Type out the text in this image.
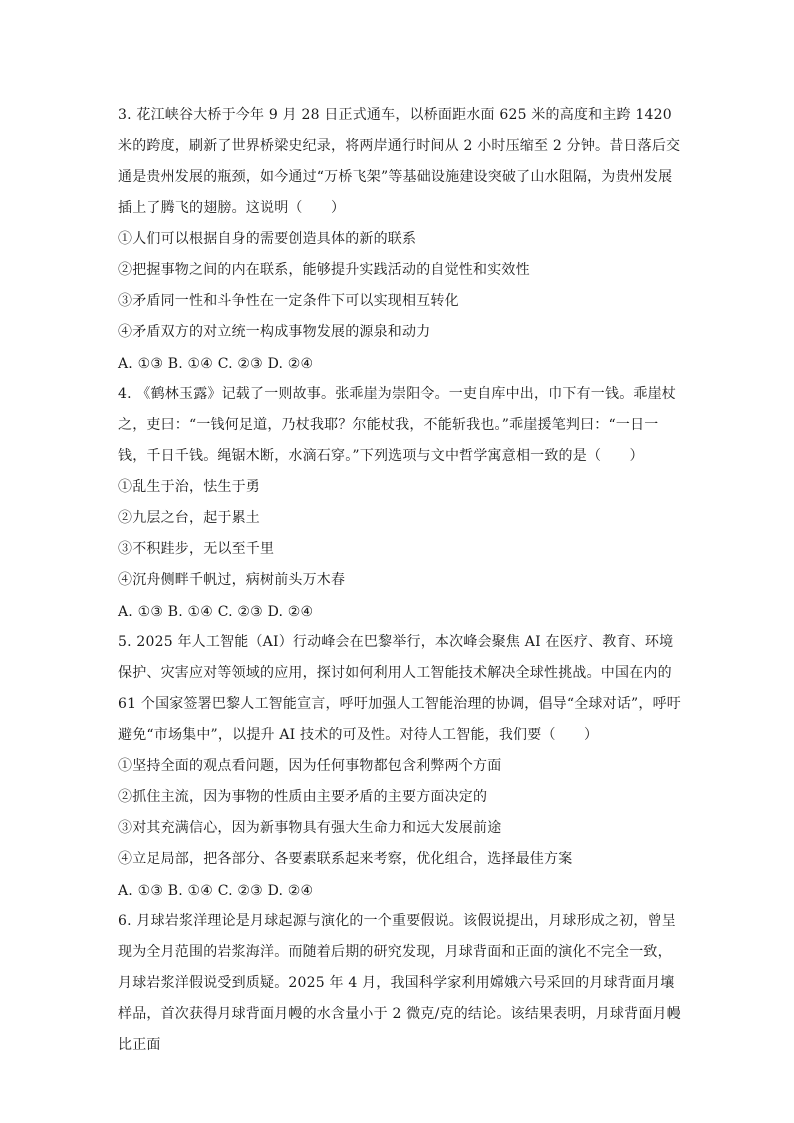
3. 花江峡谷大桥于今年 9 月 28 日正式通车，以桥面距水面 625 米的高度和主跨 1420 米的跨度，刷新了世界桥梁史纪录，将两岸通行时间从 2 小时压缩至 2 分钟。昔日落后交通是贵州发展的瓶颈，如今通过“万桥飞架”等基础设施建设突破了山水阻隔，为贵州发展插上了腾飞的翅膀。这说明（　　）

①人们可以根据自身的需要创造具体的新的联系

②把握事物之间的内在联系，能够提升实践活动的自觉性和实效性

③矛盾同一性和斗争性在一定条件下可以实现相互转化

④矛盾双方的对立统一构成事物发展的源泉和动力

A. ①③ B. ①④ C. ②③ D. ②④

4. 《鹤林玉露》记载了一则故事。张乖崖为崇阳令。一吏自库中出，巾下有一钱。乖崖杖之，吏曰：“一钱何足道，乃杖我耶？尔能杖我，不能斩我也。”乖崖援笔判曰：“一日一钱，千日千钱。绳锯木断，水滴石穿。”下列选项与文中哲学寓意相一致的是（　　）

①乱生于治，怯生于勇

②九层之台，起于累土

③不积跬步，无以至千里

④沉舟侧畔千帆过，病树前头万木春

A. ①③ B. ①④ C. ②③ D. ②④

5. 2025 年人工智能（AI）行动峰会在巴黎举行，本次峰会聚焦 AI 在医疗、教育、环境保护、灾害应对等领域的应用，探讨如何利用人工智能技术解决全球性挑战。中国在内的 61 个国家签署巴黎人工智能宣言，呼吁加强人工智能治理的协调，倡导“全球对话”，呼吁避免“市场集中”，以提升 AI 技术的可及性。对待人工智能，我们要（　　）

①坚持全面的观点看问题，因为任何事物都包含利弊两个方面

②抓住主流，因为事物的性质由主要矛盾的主要方面决定的

③对其充满信心，因为新事物具有强大生命力和远大发展前途

④立足局部，把各部分、各要素联系起来考察，优化组合，选择最佳方案

A. ①③ B. ①④ C. ②③ D. ②④

6. 月球岩浆洋理论是月球起源与演化的一个重要假说。该假说提出，月球形成之初，曾呈现为全月范围的岩浆海洋。而随着后期的研究发现，月球背面和正面的演化不完全一致，月球岩浆洋假说受到质疑。2025 年 4 月，我国科学家利用嫦娥六号采回的月球背面月壤样品，首次获得月球背面月幔的水含量小于 2 微克/克的结论。该结果表明，月球背面月幔比正面
